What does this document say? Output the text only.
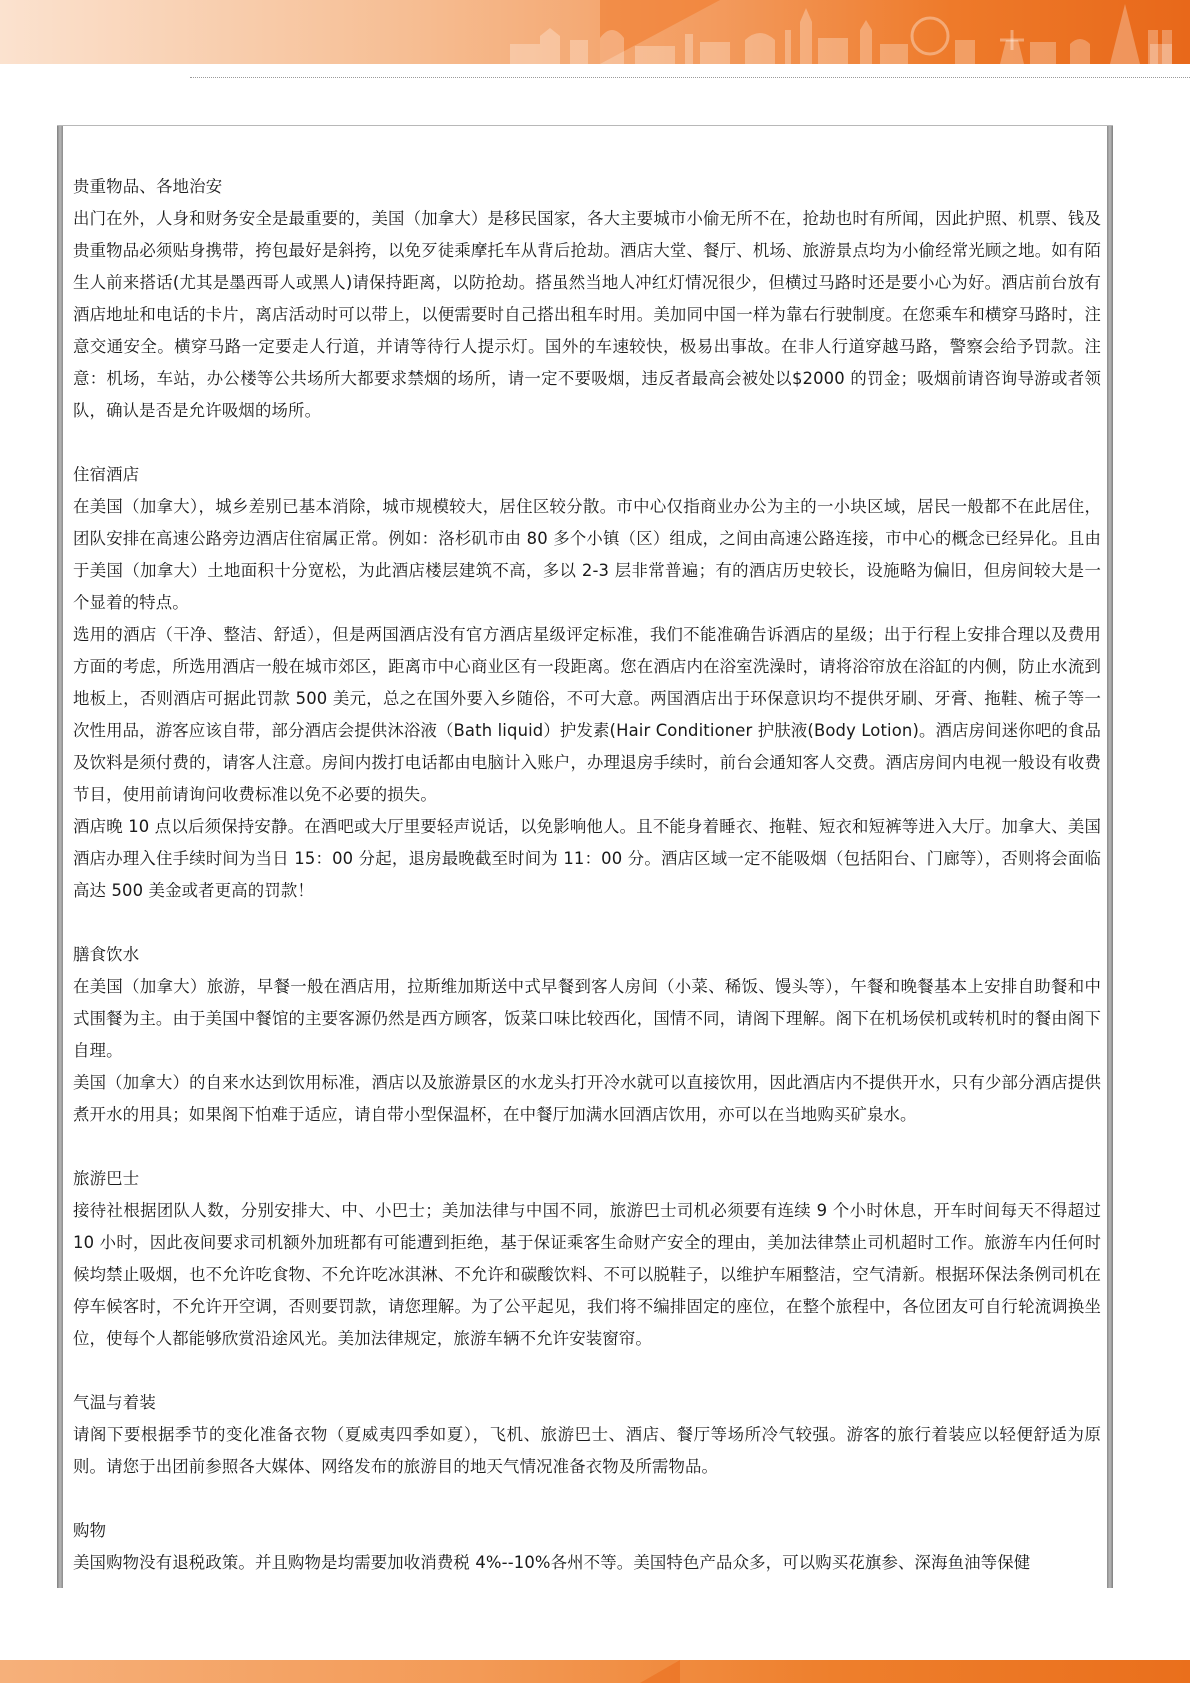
贵重物品、各地治安

出门在外，人身和财务安全是最重要的，美国（加拿大）是移民国家，各大主要城市小偷无所不在，抢劫也时有所闻，因此护照、机票、钱及贵重物品必须贴身携带，挎包最好是斜挎，以免歹徒乘摩托车从背后抢劫。酒店大堂、餐厅、机场、旅游景点均为小偷经常光顾之地。如有陌生人前来搭话(尤其是墨西哥人或黑人)请保持距离，以防抢劫。搭虽然当地人冲红灯情况很少，但横过马路时还是要小心为好。酒店前台放有酒店地址和电话的卡片，离店活动时可以带上，以便需要时自己搭出租车时用。美加同中国一样为靠右行驶制度。在您乘车和横穿马路时，注意交通安全。横穿马路一定要走人行道，并请等待行人提示灯。国外的车速较快，极易出事故。在非人行道穿越马路，警察会给予罚款。注意：机场，车站，办公楼等公共场所大都要求禁烟的场所，请一定不要吸烟，违反者最高会被处以$2000 的罚金；吸烟前请咨询导游或者领队，确认是否是允许吸烟的场所。

住宿酒店

在美国（加拿大），城乡差别已基本消除，城市规模较大，居住区较分散。市中心仅指商业办公为主的一小块区域，居民一般都不在此居住，团队安排在高速公路旁边酒店住宿属正常。例如：洛杉矶市由 80 多个小镇（区）组成，之间由高速公路连接，市中心的概念已经异化。且由于美国（加拿大）土地面积十分宽松，为此酒店楼层建筑不高，多以 2-3 层非常普遍；有的酒店历史较长，设施略为偏旧，但房间较大是一个显着的特点。

选用的酒店（干净、整洁、舒适），但是两国酒店没有官方酒店星级评定标准，我们不能准确告诉酒店的星级；出于行程上安排合理以及费用方面的考虑，所选用酒店一般在城市郊区，距离市中心商业区有一段距离。您在酒店内在浴室洗澡时，请将浴帘放在浴缸的内侧，防止水流到地板上，否则酒店可据此罚款 500 美元，总之在国外要入乡随俗，不可大意。两国酒店出于环保意识均不提供牙刷、牙膏、拖鞋、梳子等一次性用品，游客应该自带，部分酒店会提供沐浴液（Bath liquid）护发素(Hair Conditioner 护肤液(Body Lotion)。酒店房间迷你吧的食品及饮料是须付费的，请客人注意。房间内拨打电话都由电脑计入账户，办理退房手续时，前台会通知客人交费。酒店房间内电视一般设有收费节目，使用前请询问收费标准以免不必要的损失。

酒店晚 10 点以后须保持安静。在酒吧或大厅里要轻声说话，以免影响他人。且不能身着睡衣、拖鞋、短衣和短裤等进入大厅。加拿大、美国酒店办理入住手续时间为当日 15：00 分起，退房最晚截至时间为 11：00 分。酒店区域一定不能吸烟（包括阳台、门廊等），否则将会面临高达 500 美金或者更高的罚款！

膳食饮水

在美国（加拿大）旅游，早餐一般在酒店用，拉斯维加斯送中式早餐到客人房间（小菜、稀饭、馒头等），午餐和晚餐基本上安排自助餐和中式围餐为主。由于美国中餐馆的主要客源仍然是西方顾客，饭菜口味比较西化，国情不同，请阁下理解。阁下在机场侯机或转机时的餐由阁下自理。

美国（加拿大）的自来水达到饮用标准，酒店以及旅游景区的水龙头打开冷水就可以直接饮用，因此酒店内不提供开水，只有少部分酒店提供煮开水的用具；如果阁下怕难于适应，请自带小型保温杯，在中餐厅加满水回酒店饮用，亦可以在当地购买矿泉水。

旅游巴士

接待社根据团队人数，分别安排大、中、小巴士；美加法律与中国不同，旅游巴士司机必须要有连续 9 个小时休息，开车时间每天不得超过 10 小时，因此夜间要求司机额外加班都有可能遭到拒绝，基于保证乘客生命财产安全的理由，美加法律禁止司机超时工作。旅游车内任何时候均禁止吸烟，也不允许吃食物、不允许吃冰淇淋、不允许和碳酸饮料、不可以脱鞋子，以维护车厢整洁，空气清新。根据环保法条例司机在停车候客时，不允许开空调，否则要罚款，请您理解。为了公平起见，我们将不编排固定的座位，在整个旅程中，各位团友可自行轮流调换坐位，使每个人都能够欣赏沿途风光。美加法律规定，旅游车辆不允许安装窗帘。

气温与着装

请阁下要根据季节的变化准备衣物（夏威夷四季如夏），飞机、旅游巴士、酒店、餐厅等场所冷气较强。游客的旅行着装应以轻便舒适为原则。请您于出团前参照各大媒体、网络发布的旅游目的地天气情况准备衣物及所需物品。

购物

美国购物没有退税政策。并且购物是均需要加收消费税 4%--10%各州不等。美国特色产品众多，可以购买花旗参、深海鱼油等保健
